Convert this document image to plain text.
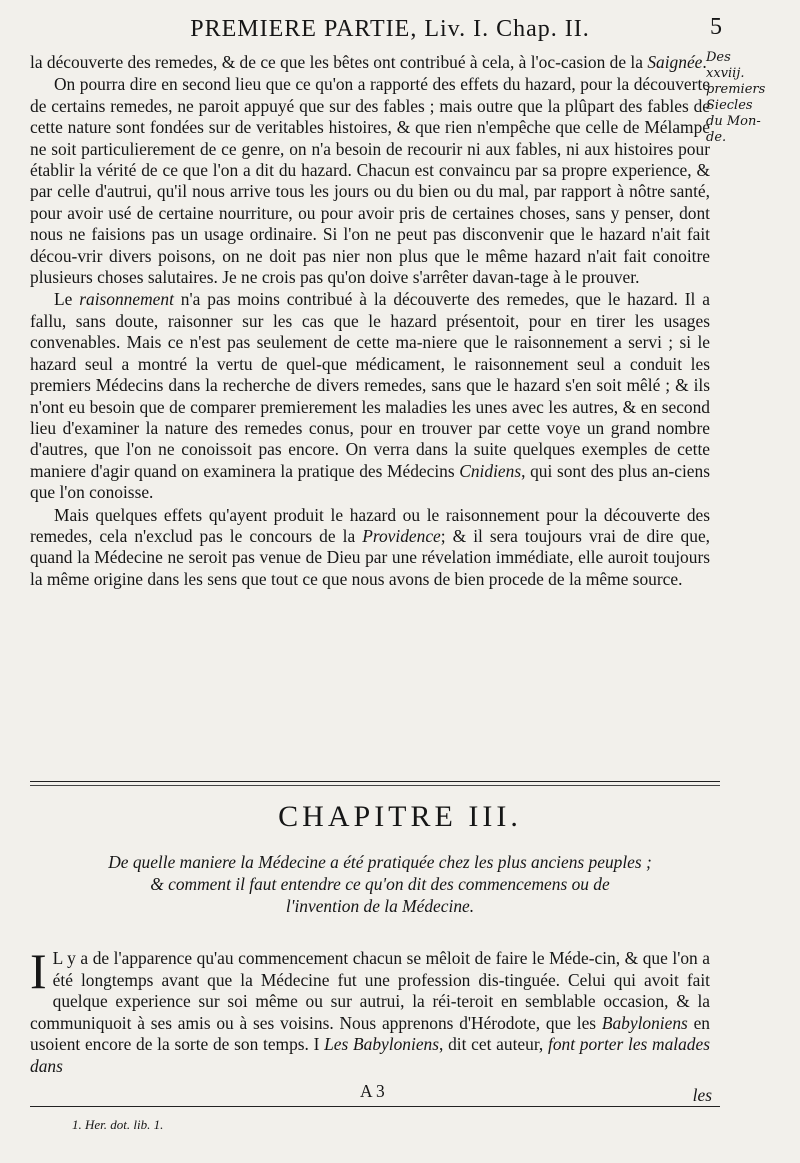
PREMIERE PARTIE, Liv. I. Chap. II.	5
Des
xxviij.
premiers
Siecles
du Mon-
de.

la découverte des remedes, & de ce que les bêtes ont contribué à cela, à l'oc-casion de la Saignée.

On pourra dire en second lieu que ce qu'on a rapporté des effets du hazard, pour la découverte de certains remedes, ne paroit appuyé que sur des fables ; mais outre que la plûpart des fables de cette nature sont fondées sur de veritables histoires, & que rien n'empêche que celle de Mélampe ne soit particulierement de ce genre, on n'a besoin de recourir ni aux fables, ni aux histoires pour établir la vérité de ce que l'on a dit du hazard. Chacun est convaincu par sa propre experience, & par celle d'autrui, qu'il nous arrive tous les jours ou du bien ou du mal, par rapport à nôtre santé, pour avoir usé de certaine nourriture, ou pour avoir pris de certaines choses, sans y penser, dont nous ne faisions pas un usage ordinaire. Si l'on ne peut pas disconvenir que le hazard n'ait fait décou-vrir divers poisons, on ne doit pas nier non plus que le même hazard n'ait fait conoitre plusieurs choses salutaires. Je ne crois pas qu'on doive s'arrêter davan-tage à le prouver.

Le raisonnement n'a pas moins contribué à la découverte des remedes, que le hazard. Il a fallu, sans doute, raisonner sur les cas que le hazard présentoit, pour en tirer les usages convenables. Mais ce n'est pas seulement de cette ma-niere que le raisonnement a servi ; si le hazard seul a montré la vertu de quel-que médicament, le raisonnement seul a conduit les premiers Médecins dans la recherche de divers remedes, sans que le hazard s'en soit mêlé ; & ils n'ont eu besoin que de comparer premierement les maladies les unes avec les autres, & en second lieu d'examiner la nature des remedes conus, pour en trouver par cette voye un grand nombre d'autres, que l'on ne conoissoit pas encore. On verra dans la suite quelques exemples de cette maniere d'agir quand on examinera la pratique des Médecins Cnidiens, qui sont des plus an-ciens que l'on conoisse.

Mais quelques effets qu'ayent produit le hazard ou le raisonnement pour la découverte des remedes, cela n'exclud pas le concours de la Providence; & il sera toujours vrai de dire que, quand la Médecine ne seroit pas venue de Dieu par une révelation immédiate, elle auroit toujours la même origine dans les sens que tout ce que nous avons de bien procede de la même source.

CHAPITRE III.
De quelle maniere la Médecine a été pratiquée chez les plus anciens peuples ;
& comment il faut entendre ce qu'on dit des commencemens ou de
l'invention de la Médecine.
I L y a de l'apparence qu'au commencement chacun se mêloit de faire le Méde-cin, & que l'on a été longtemps avant que la Médecine fut une profession dis-tinguée. Celui qui avoit fait quelque experience sur soi même ou sur autrui, la réi-teroit en semblable occasion, & la communiquoit à ses amis ou à ses voisins. Nous apprenons d'Hérodote, que les Babyloniens en usoient encore de la sorte de son temps. I Les Babyloniens, dit cet auteur, font porter les malades dans
A 3	les
1. Her. dot. lib. 1.
